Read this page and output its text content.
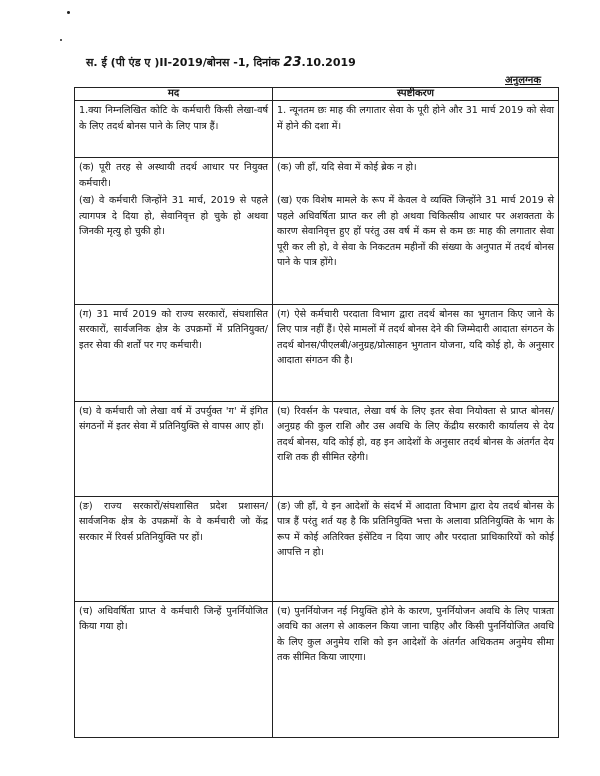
स. ई (पी एंड ए )II-2019/बोनस -1, दिनांक 23.10.2019
अनुलग्नक
मद	स्पष्टीकरण
1.क्या निम्नलिखित कोटि के कर्मचारी किसी लेखा-वर्ष के लिए तदर्थ बोनस पाने के लिए पात्र हैं।	1. न्यूनतम छः माह की लगातार सेवा के पूरी होने और 31 मार्च 2019 को सेवा में होने की दशा में।
(क) पूरी तरह से अस्थायी तदर्थ आधार पर नियुक्त कर्मचारी।	(क) जी हाँ, यदि सेवा में कोई ब्रेक न हो।
(ख) वे कर्मचारी जिन्होंने 31 मार्च, 2019 से पहले त्यागपत्र दे दिया हो, सेवानिवृत्त हो चुके हो अथवा जिनकी मृत्यु हो चुकी हो।	(ख) एक विशेष मामले के रूप में केवल वे व्यक्ति जिन्होंने 31 मार्च 2019 से पहले अधिवर्षिता प्राप्त कर ली हो अथवा चिकित्सीय आधार पर अशक्तता के कारण सेवानिवृत्त हुए हों परंतु उस वर्ष में कम से कम छः माह की लगातार सेवा पूरी कर ली हो, वे सेवा के निकटतम महीनों की संख्या के अनुपात में तदर्थ बोनस पाने के पात्र होंगे।
(ग) 31 मार्च 2019 को राज्य सरकारों, संघशासित सरकारों, सार्वजनिक क्षेत्र के उपक्रमों में प्रतिनियुक्त/इतर सेवा की शर्तों पर गए कर्मचारी।	(ग) ऐसे कर्मचारी परदाता विभाग द्वारा तदर्थ बोनस का भुगतान किए जाने के लिए पात्र नहीं हैं। ऐसे मामलों में तदर्थ बोनस देने की जिम्मेदारी आदाता संगठन के तदर्थ बोनस/पीएलबी/अनुग्रह/प्रोत्साहन भुगतान योजना, यदि कोई हो, के अनुसार आदाता संगठन की है।
(घ) वे कर्मचारी जो लेखा वर्ष में उपर्युक्त 'ग' में इंगित संगठनों में इतर सेवा में प्रतिनियुक्ति से वापस आए हों।	(घ) रिवर्सन के पश्चात, लेखा वर्ष के लिए इतर सेवा नियोक्ता से प्राप्त बोनस/अनुग्रह की कुल राशि और उस अवधि के लिए केंद्रीय सरकारी कार्यालय से देय तदर्थ बोनस, यदि कोई हो, वह इन आदेशों के अनुसार तदर्थ बोनस के अंतर्गत देय राशि तक ही सीमित रहेगी।
(ङ) राज्य सरकारों/संघशासित प्रदेश प्रशासन/सार्वजनिक क्षेत्र के उपक्रमों के वे कर्मचारी जो केंद्र सरकार में रिवर्स प्रतिनियुक्ति पर हों।	(ङ) जी हाँ, ये इन आदेशों के संदर्भ में आदाता विभाग द्वारा देय तदर्थ बोनस के पात्र हैं परंतु शर्त यह है कि प्रतिनियुक्ति भत्ता के अलावा प्रतिनियुक्ति के भाग के रूप में कोई अतिरिक्त इंसेंटिव न दिया जाए और परदाता प्राधिकारियों को कोई आपत्ति न हो।
(च) अधिवर्षिता प्राप्त वे कर्मचारी जिन्हें पुनर्नियोजित किया गया हो।	(च) पुनर्नियोजन नई नियुक्ति होने के कारण, पुनर्नियोजन अवधि के लिए पात्रता अवधि का अलग से आकलन किया जाना चाहिए और किसी पुनर्नियोजित अवधि के लिए कुल अनुमेय राशि को इन आदेशों के अंतर्गत अधिकतम अनुमेय सीमा तक सीमित किया जाएगा।
